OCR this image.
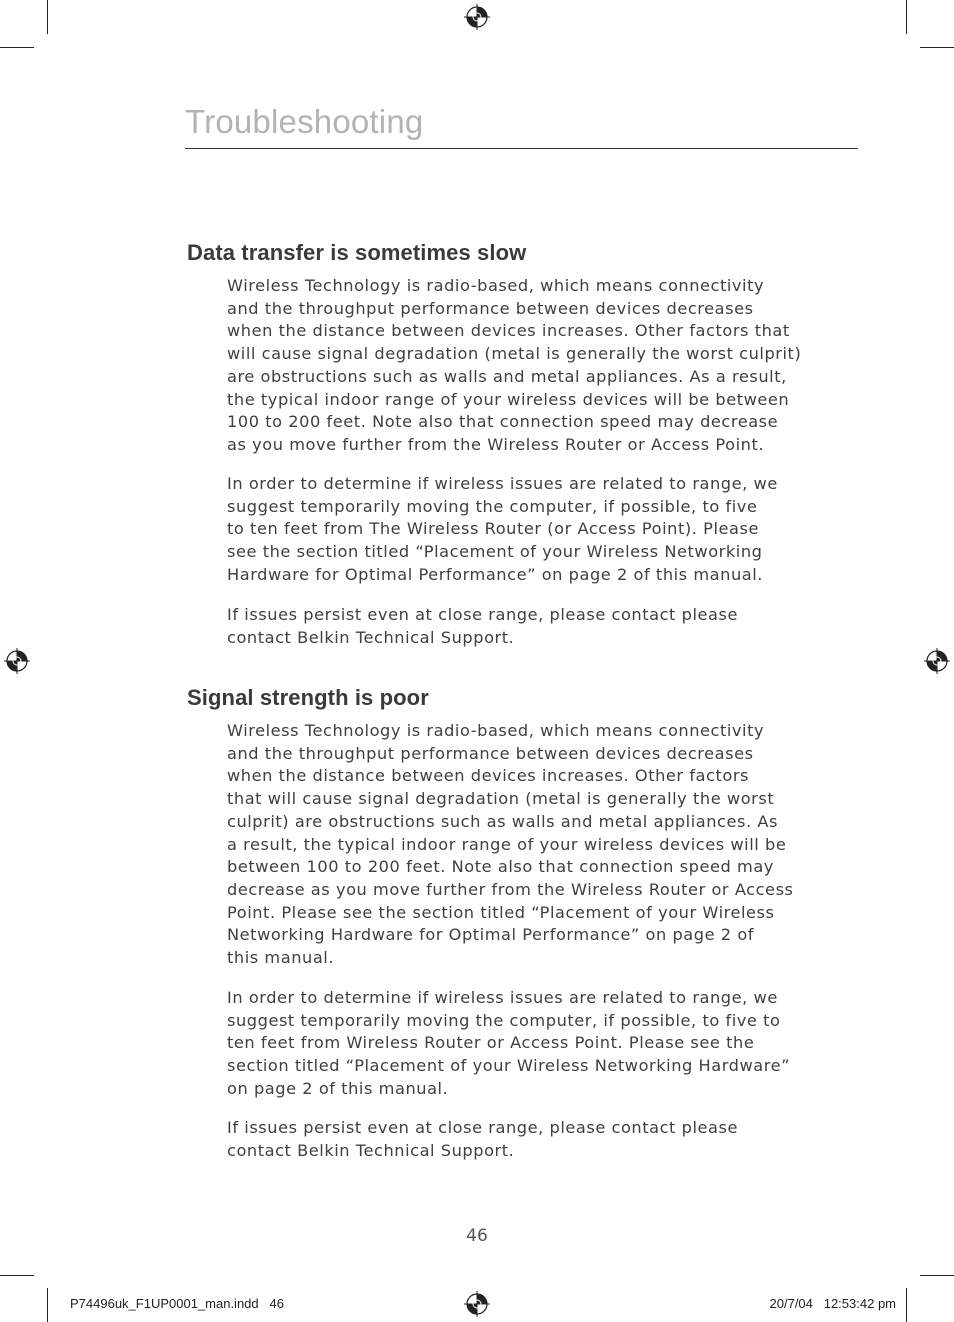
Troubleshooting
Data transfer is sometimes slow

Wireless Technology is radio-based, which means connectivity
and the throughput performance between devices decreases
when the distance between devices increases. Other factors that
will cause signal degradation (metal is generally the worst culprit)
are obstructions such as walls and metal appliances. As a result,
the typical indoor range of your wireless devices will be between
100 to 200 feet. Note also that connection speed may decrease
as you move further from the Wireless Router or Access Point.

In order to determine if wireless issues are related to range, we
suggest temporarily moving the computer, if possible, to five
to ten feet from The Wireless Router (or Access Point). Please
see the section titled “Placement of your Wireless Networking
Hardware for Optimal Performance” on page 2 of this manual.

If issues persist even at close range, please contact please
contact Belkin Technical Support.

Signal strength is poor

Wireless Technology is radio-based, which means connectivity
and the throughput performance between devices decreases
when the distance between devices increases. Other factors
that will cause signal degradation (metal is generally the worst
culprit) are obstructions such as walls and metal appliances. As
a result, the typical indoor range of your wireless devices will be
between 100 to 200 feet. Note also that connection speed may
decrease as you move further from the Wireless Router or Access
Point. Please see the section titled “Placement of your Wireless
Networking Hardware for Optimal Performance” on page 2 of
this manual.

In order to determine if wireless issues are related to range, we
suggest temporarily moving the computer, if possible, to five to
ten feet from Wireless Router or Access Point. Please see the
section titled “Placement of your Wireless Networking Hardware”
on page 2 of this manual.

If issues persist even at close range, please contact please
contact Belkin Technical Support.

46
P74496uk_F1UP0001_man.indd   46	20/7/04   12:53:42 pm
